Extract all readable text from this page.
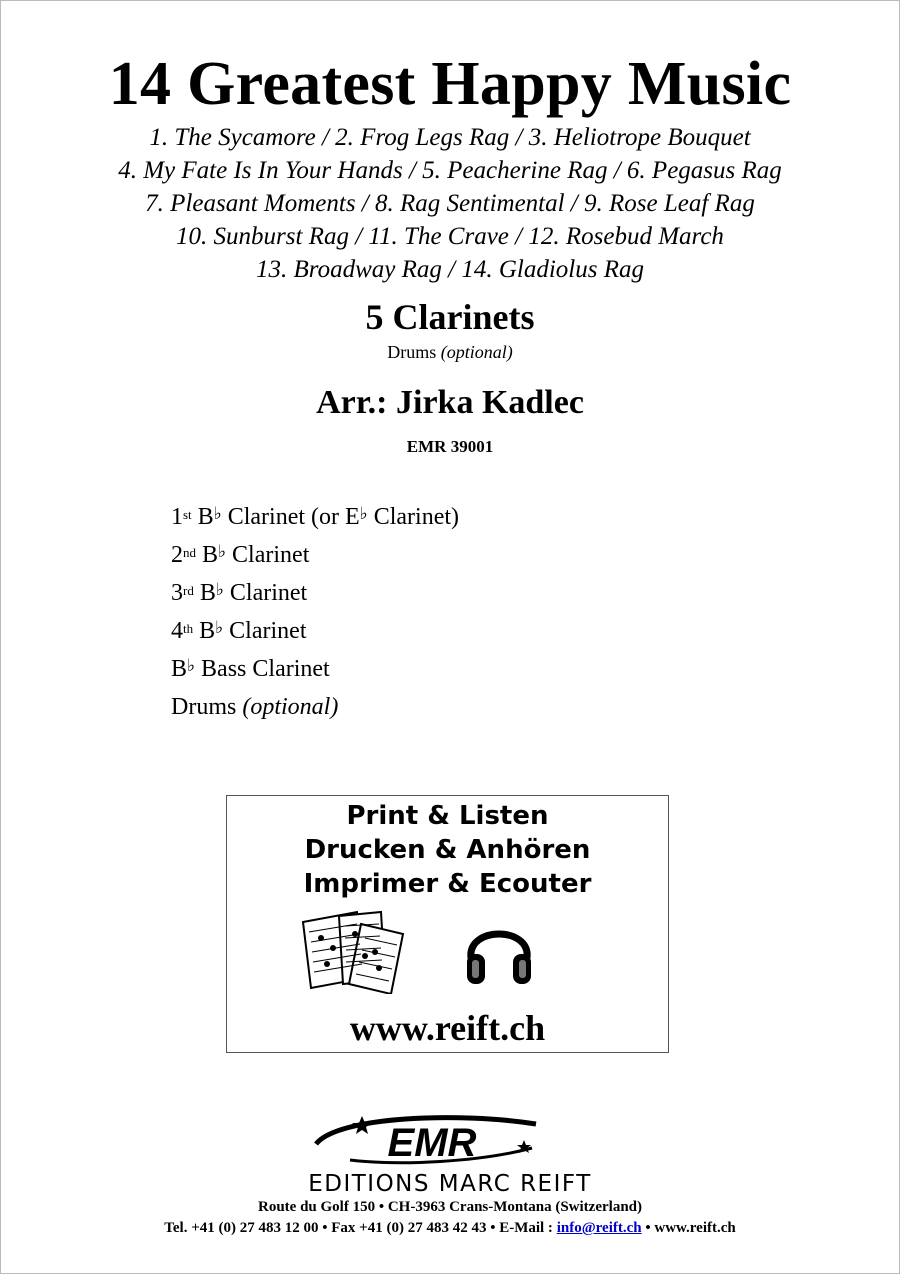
14 Greatest Happy Music
1. The Sycamore / 2. Frog Legs Rag / 3. Heliotrope Bouquet
4. My Fate Is In Your Hands / 5. Peacherine Rag / 6. Pegasus Rag
7. Pleasant Moments / 8. Rag Sentimental / 9. Rose Leaf Rag
10. Sunburst Rag / 11. The Crave / 12. Rosebud March
13. Broadway Rag / 14. Gladiolus Rag
5 Clarinets
Drums (optional)
Arr.: Jirka Kadlec
EMR 39001
1st B♭ Clarinet (or E♭ Clarinet)
2nd B♭ Clarinet
3rd B♭ Clarinet
4th B♭ Clarinet
B♭ Bass Clarinet
Drums (optional)
Print & Listen
Drucken & Anhören
Imprimer & Ecouter
www.reift.ch
EMR
EDITIONS MARC REIFT
Route du Golf 150 • CH-3963 Crans-Montana (Switzerland)
Tel. +41 (0) 27 483 12 00 • Fax +41 (0) 27 483 42 43 • E-Mail : info@reift.ch • www.reift.ch
